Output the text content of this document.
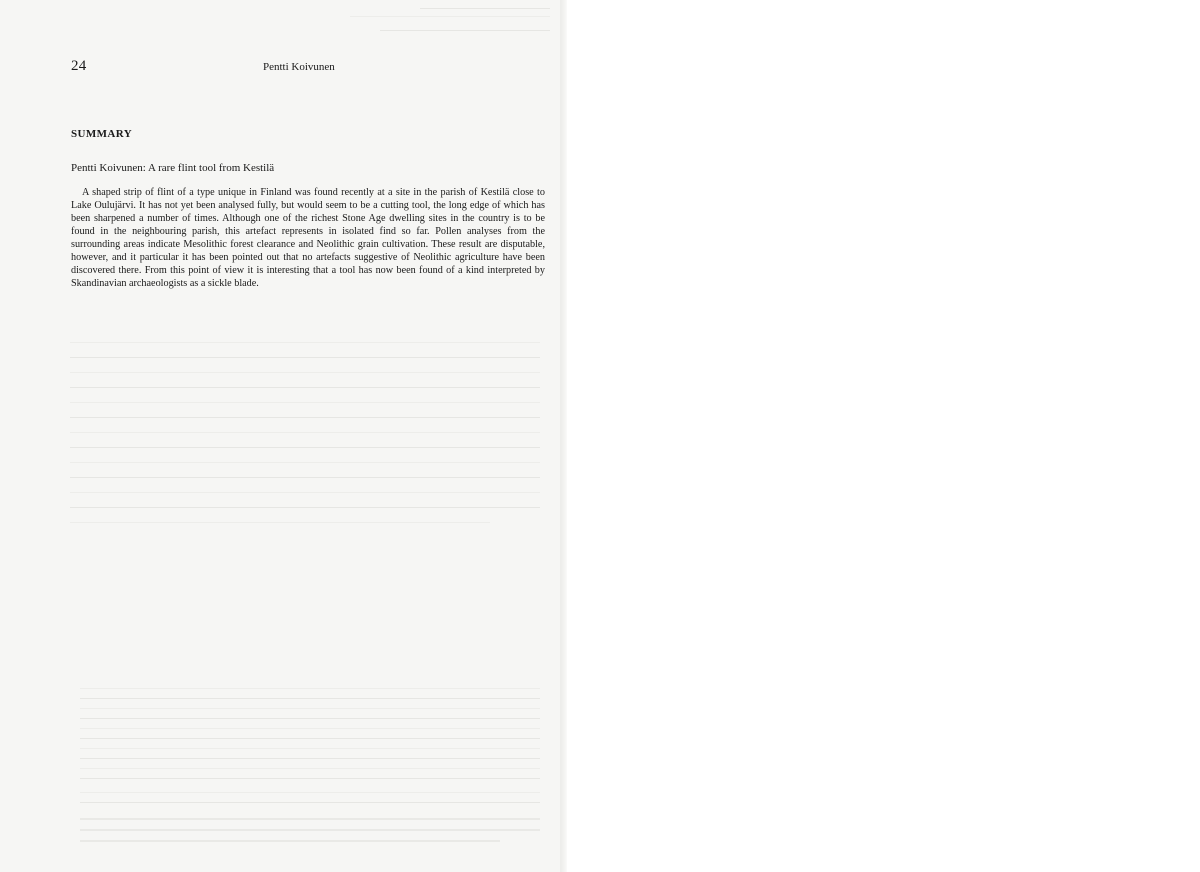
24	Pentti Koivunen
SUMMARY
Pentti Koivunen: A rare flint tool from Kestilä

A shaped strip of flint of a type unique in Finland was found recently at a site in the parish of Kestilä close to Lake Oulujärvi. It has not yet been analysed fully, but would seem to be a cutting tool, the long edge of which has been sharpened a number of times. Although one of the richest Stone Age dwelling sites in the country is to be found in the neighbouring parish, this artefact represents in isolated find so far. Pollen analyses from the surrounding areas indicate Mesolithic forest clearance and Neolithic grain cultivation. These result are disputable, however, and it particular it has been pointed out that no artefacts suggestive of Neolithic agriculture have been discovered there. From this point of view it is interesting that a tool has now been found of a kind interpreted by Skandinavian archaeologists as a sickle blade.
